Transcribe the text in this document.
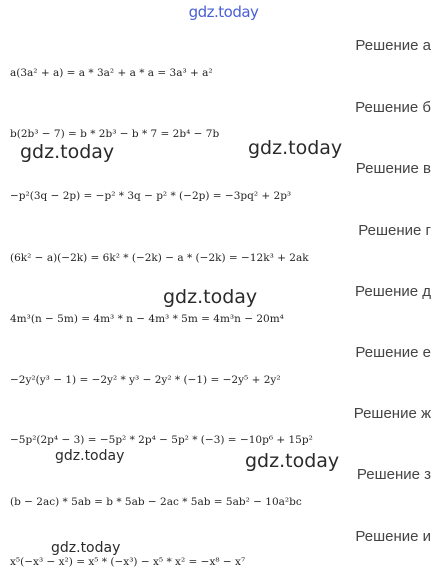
gdz.today
Решение а
a(3a² + a) = a * 3a² + a * a = 3a³ + a²
Решение б
b(2b³ − 7) = b * 2b³ − b * 7 = 2b⁴ − 7b
Решение в
−p²(3q − 2p) = −p² * 3q − p² * (−2p) = −3pq² + 2p³
Решение г
(6k² − a)(−2k) = 6k² * (−2k) − a * (−2k) = −12k³ + 2ak
Решение д
4m³(n − 5m) = 4m³ * n − 4m³ * 5m = 4m³n − 20m⁴
Решение е
−2y²(y³ − 1) = −2y² * y³ − 2y² * (−1) = −2y⁵ + 2y²
Решение ж
−5p²(2p⁴ − 3) = −5p² * 2p⁴ − 5p² * (−3) = −10p⁶ + 15p²
Решение з
(b − 2ac) * 5ab = b * 5ab − 2ac * 5ab = 5ab² − 10a²bc
Решение и
x⁵(−x³ − x²) = x⁵ * (−x³) − x⁵ * x² = −x⁸ − x⁷
gdz.today	gdz.today
gdz.today
gdz.today	gdz.today
gdz.today
